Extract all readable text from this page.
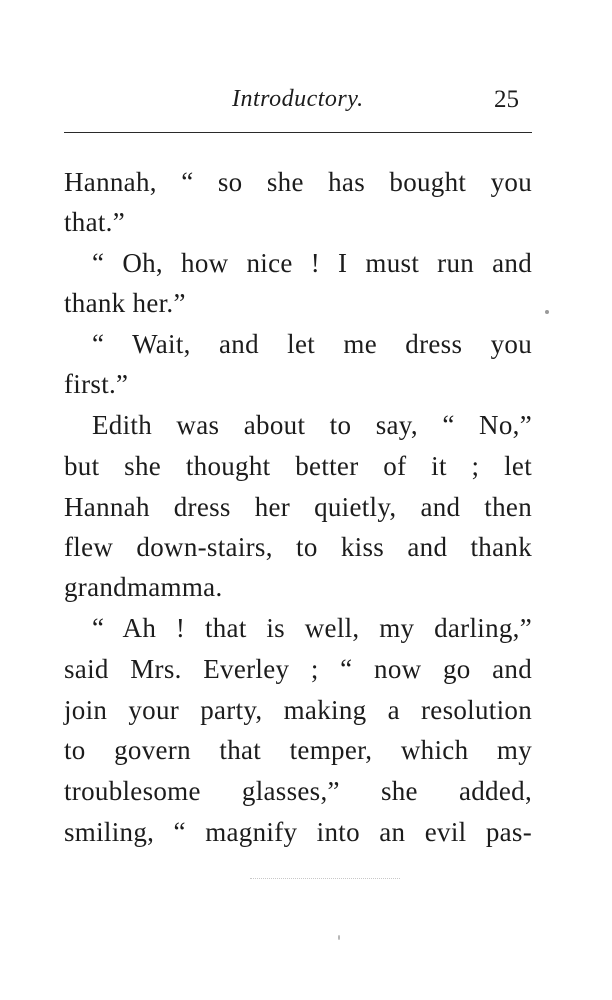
Introductory.	25
Hannah, “ so she has bought you
that.”
“ Oh, how nice ! I must run and
thank her.”
“ Wait, and let me dress you
first.”
Edith was about to say, “ No,”
but she thought better of it ; let
Hannah dress her quietly, and then
flew down-stairs, to kiss and thank
grandmamma.
“ Ah ! that is well, my darling,”
said Mrs. Everley ; “ now go and
join your party, making a resolution
to govern that temper, which my
troublesome glasses,” she added,
smiling, “ magnify into an evil pas-
